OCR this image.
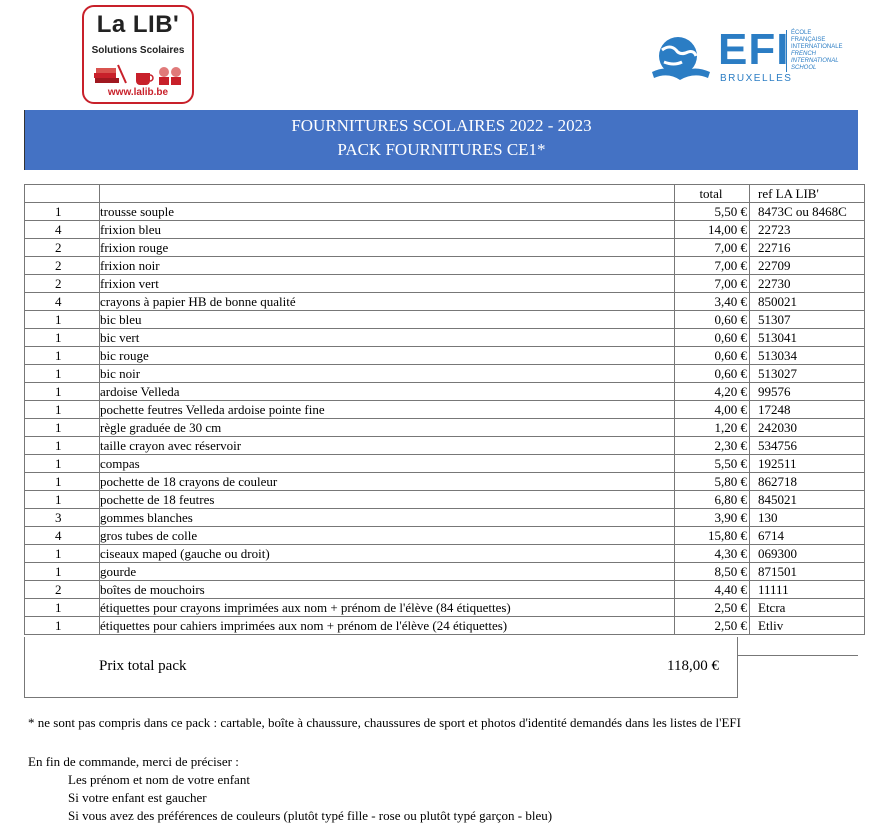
La LIB'
Solutions Scolaires
www.lalib.be
EFI
BRUXELLES
ÉCOLE
FRANÇAISE
INTERNATIONALE
FRENCH
INTERNATIONAL
SCHOOL
FOURNITURES SCOLAIRES 2022 - 2023
PACK FOURNITURES CE1*
		total	ref LA LIB'
1	trousse souple	5,50 €	8473C ou 8468C
4	frixion bleu	14,00 €	22723
2	frixion rouge	7,00 €	22716
2	frixion noir	7,00 €	22709
2	frixion vert	7,00 €	22730
4	crayons à papier HB de bonne qualité	3,40 €	850021
1	bic bleu	0,60 €	51307
1	bic vert	0,60 €	513041
1	bic rouge	0,60 €	513034
1	bic noir	0,60 €	513027
1	ardoise Velleda	4,20 €	99576
1	pochette feutres Velleda ardoise pointe fine	4,00 €	17248
1	règle graduée de 30 cm	1,20 €	242030
1	taille crayon avec réservoir	2,30 €	534756
1	compas	5,50 €	192511
1	pochette de 18 crayons de couleur	5,80 €	862718
1	pochette de 18 feutres	6,80 €	845021
3	gommes blanches	3,90 €	130
4	gros tubes de colle	15,80 €	6714
1	ciseaux maped (gauche ou droit)	4,30 €	069300
1	gourde	8,50 €	871501
2	boîtes de mouchoirs	4,40 €	11111
1	étiquettes pour crayons imprimées aux nom + prénom de l'élève (84 étiquettes)	2,50 €	Etcra
1	étiquettes pour cahiers imprimées aux nom + prénom de l'élève (24 étiquettes)	2,50 €	Etliv
Prix total pack	118,00 €
* ne sont pas compris dans ce pack : cartable, boîte à chaussure, chaussures de sport et photos d'identité demandés dans les listes de l'EFI
En fin de commande, merci de préciser :
Les prénom et nom de votre enfant
Si votre enfant est gaucher
Si vous avez des préférences de couleurs (plutôt typé fille - rose ou plutôt typé garçon - bleu)
